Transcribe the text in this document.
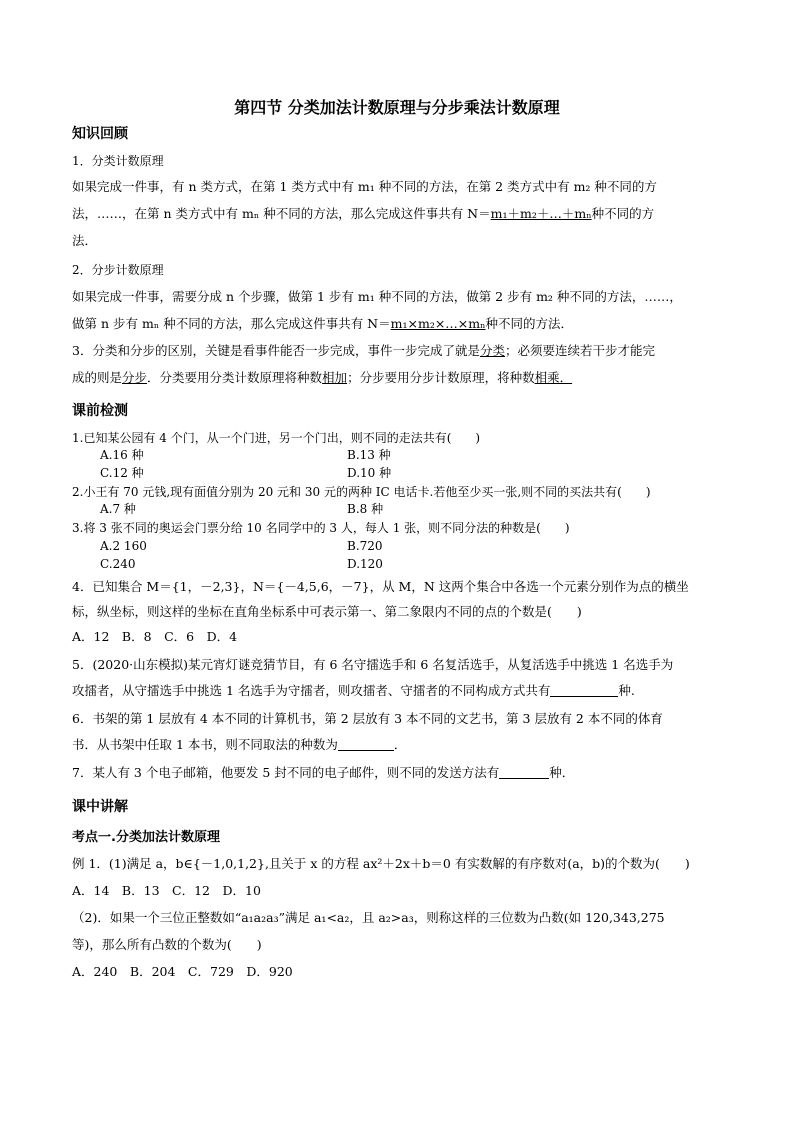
第四节 分类加法计数原理与分步乘法计数原理
知识回顾
1．分类计数原理
如果完成一件事，有 n 类方式，在第 1 类方式中有 m₁ 种不同的方法，在第 2 类方式中有 m₂ 种不同的方
法，……，在第 n 类方式中有 mₙ 种不同的方法，那么完成这件事共有 N＝m₁＋m₂＋…＋mₙ种不同的方
法．
2．分步计数原理
如果完成一件事，需要分成 n 个步骤，做第 1 步有 m₁ 种不同的方法，做第 2 步有 m₂ 种不同的方法，……，
做第 n 步有 mₙ 种不同的方法，那么完成这件事共有 N＝m₁×m₂×…×mₙ种不同的方法．
3．分类和分步的区别，关键是看事件能否一步完成，事件一步完成了就是分类；必须要连续若干步才能完
成的则是分步．分类要用分类计数原理将种数相加；分步要用分步计数原理，将种数相乘．
课前检测
1.已知某公园有 4 个门，从一个门进，另一个门出，则不同的走法共有(　　)
A.16 种	B.13 种
C.12 种	D.10 种
2.小王有 70 元钱,现有面值分别为 20 元和 30 元的两种 IC 电话卡.若他至少买一张,则不同的买法共有(　　)
A.7 种	B.8 种
3.将 3 张不同的奥运会门票分给 10 名同学中的 3 人，每人 1 张，则不同分法的种数是(　　)
A.2 160	B.720
C.240	D.120
4．已知集合 M＝{1，－2,3}，N＝{－4,5,6，－7}，从 M，N 这两个集合中各选一个元素分别作为点的横坐
标，纵坐标，则这样的坐标在直角坐标系中可表示第一、第二象限内不同的点的个数是(　　)
A．12　B．8　C．6　D．4
5．(2020·山东模拟)某元宵灯谜竞猜节目，有 6 名守擂选手和 6 名复活选手，从复活选手中挑选 1 名选手为
攻擂者，从守擂选手中挑选 1 名选手为守擂者，则攻擂者、守擂者的不同构成方式共有	种.
6．书架的第 1 层放有 4 本不同的计算机书，第 2 层放有 3 本不同的文艺书，第 3 层放有 2 本不同的体育
书．从书架中任取 1 本书，则不同取法的种数为	．
7．某人有 3 个电子邮箱，他要发 5 封不同的电子邮件，则不同的发送方法有	种．
课中讲解
考点一.分类加法计数原理
例 1．(1)满足 a，b∈{－1,0,1,2},且关于 x 的方程 ax²＋2x＋b＝0 有实数解的有序数对(a，b)的个数为(　　)
A．14　B．13　C．12　D．10
（2)．如果一个三位正整数如“a₁a₂a₃”满足 a₁<a₂，且 a₂>a₃，则称这样的三位数为凸数(如 120,343,275
等)，那么所有凸数的个数为(　　)
A．240　B．204　C．729　D．920
